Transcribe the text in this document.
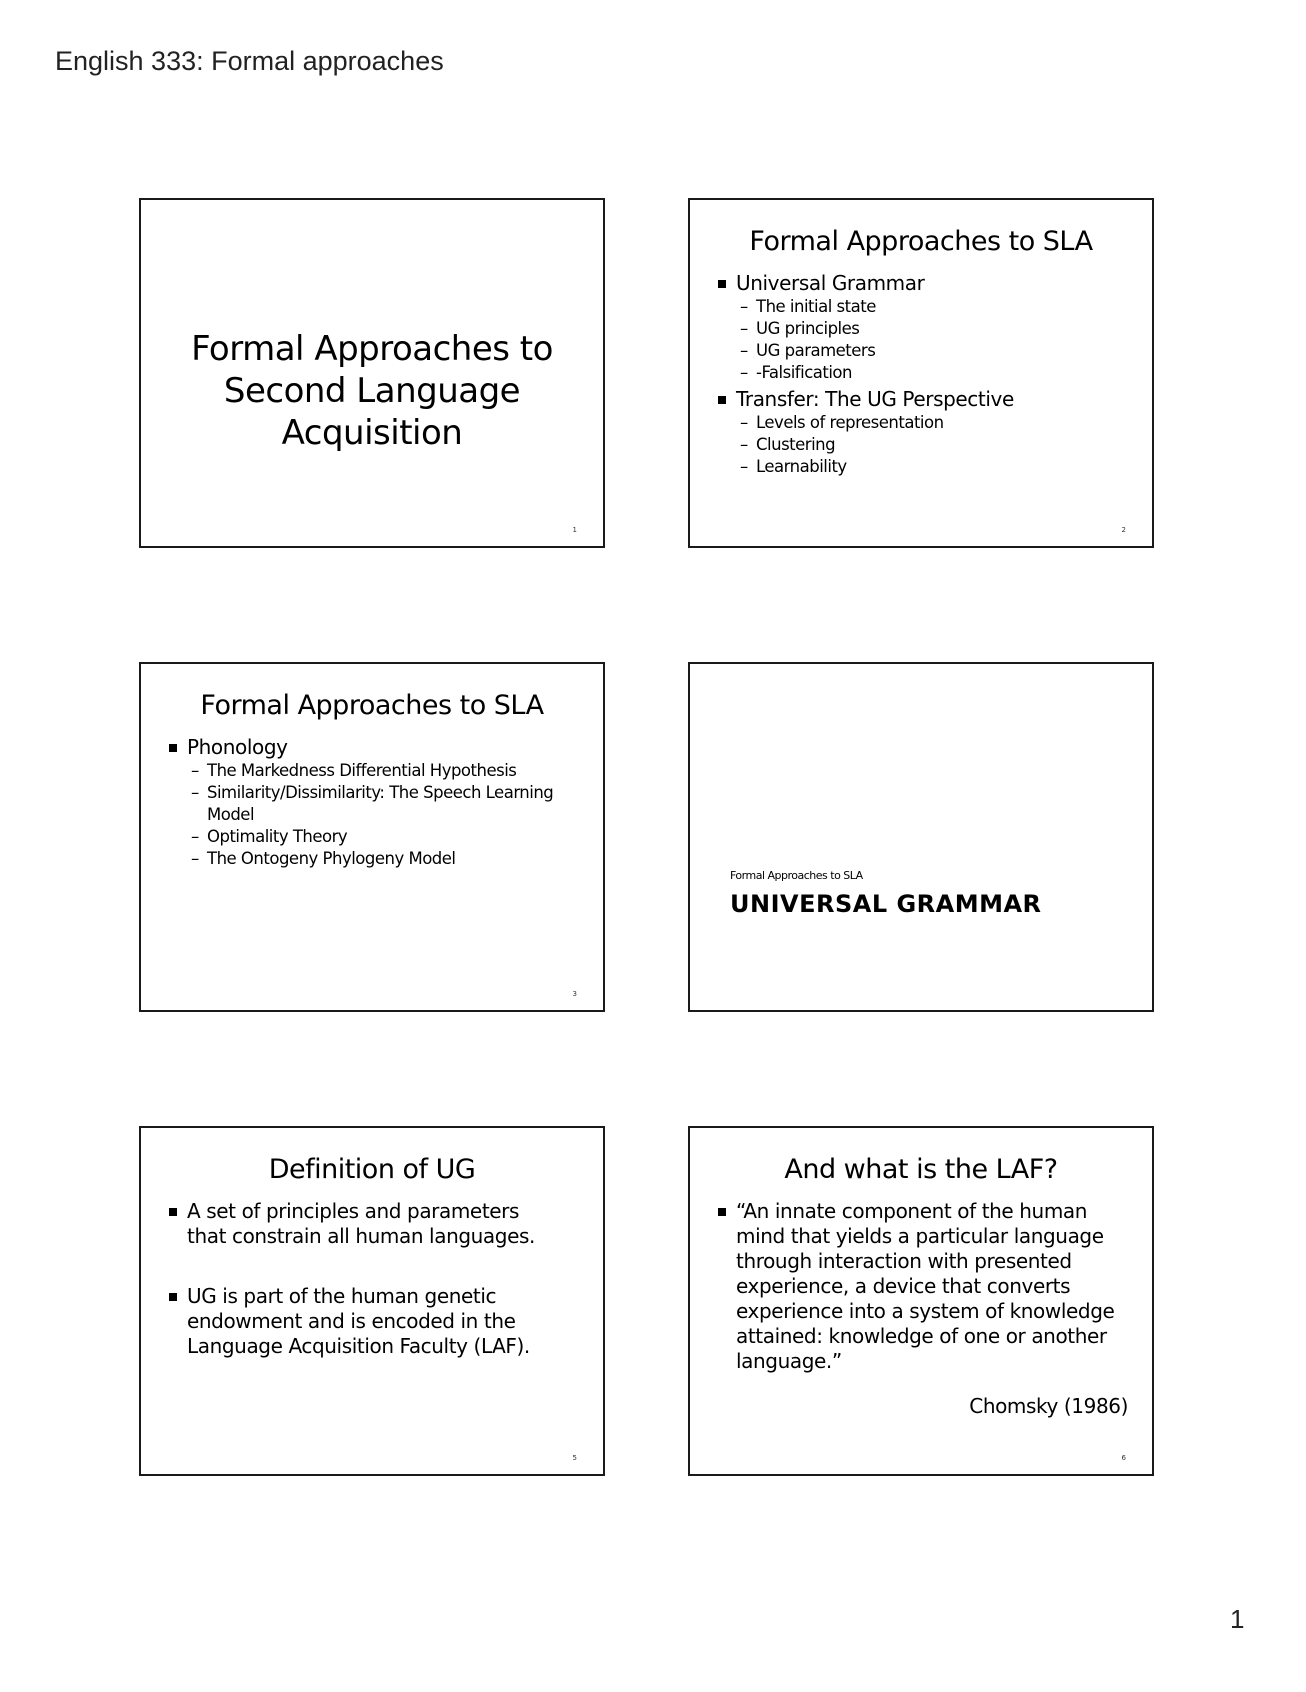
English 333: Formal approaches
Formal Approaches to
Second Language
Acquisition
1
Formal Approaches to SLA
Universal Grammar
– The initial state
– UG principles
– UG parameters
– -Falsification
Transfer: The UG Perspective
– Levels of representation
– Clustering
– Learnability
2
Formal Approaches to SLA
Phonology
– The Markedness Differential Hypothesis
– Similarity/Dissimilarity: The Speech Learning Model
– Optimality Theory
– The Ontogeny Phylogeny Model
3
Formal Approaches to SLA
UNIVERSAL GRAMMAR
Definition of UG
A set of principles and parameters that constrain all human languages.
UG is part of the human genetic endowment and is encoded in the Language Acquisition Faculty (LAF).
5
And what is the LAF?
“An innate component of the human mind that yields a particular language through interaction with presented experience, a device that converts experience into a system of knowledge attained: knowledge of one or another language.”
Chomsky (1986)
6
1
